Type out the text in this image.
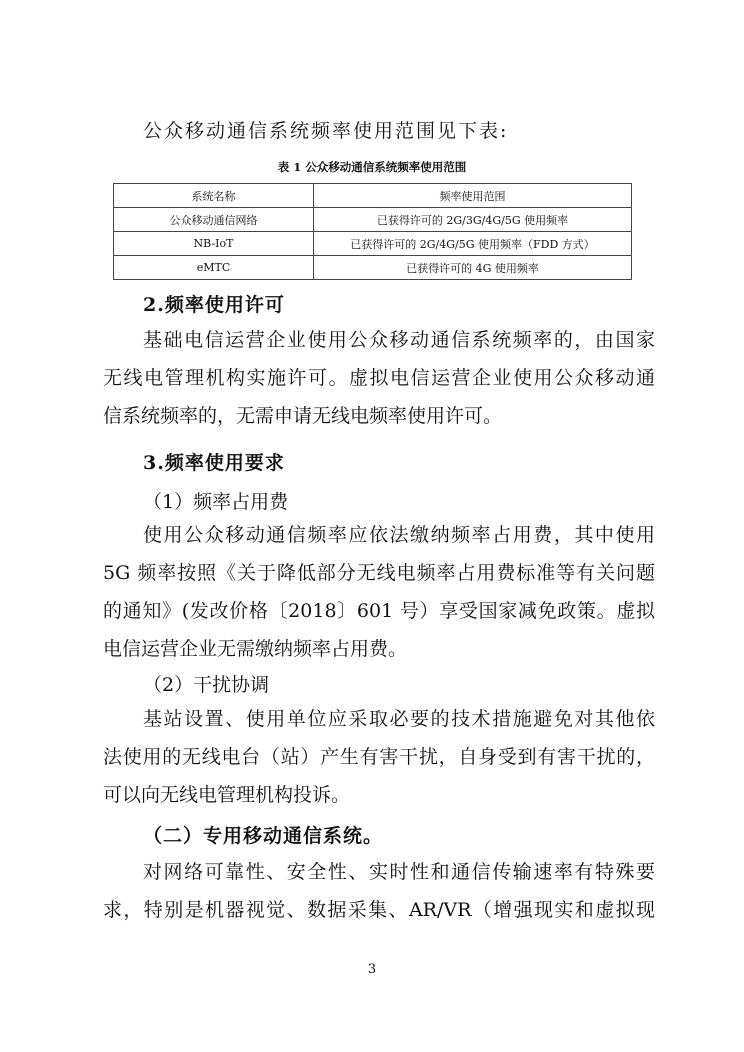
公众移动通信系统频率使用范围见下表:

表 1 公众移动通信系统频率使用范围

系统名称	频率使用范围
公众移动通信网络	已获得许可的 2G/3G/4G/5G 使用频率
NB-IoT	已获得许可的 2G/4G/5G 使用频率（FDD 方式）
eMTC	已获得许可的 4G 使用频率

2.频率使用许可

基础电信运营企业使用公众移动通信系统频率的，由国家
无线电管理机构实施许可。虚拟电信运营企业使用公众移动通
信系统频率的，无需申请无线电频率使用许可。

3.频率使用要求

（1）频率占用费

使用公众移动通信频率应依法缴纳频率占用费，其中使用
5G 频率按照《关于降低部分无线电频率占用费标准等有关问题
的通知》(发改价格〔2018〕601 号）享受国家减免政策。虚拟
电信运营企业无需缴纳频率占用费。

（2）干扰协调

基站设置、使用单位应采取必要的技术措施避免对其他依
法使用的无线电台（站）产生有害干扰，自身受到有害干扰的，
可以向无线电管理机构投诉。

（二）专用移动通信系统。

对网络可靠性、安全性、实时性和通信传输速率有特殊要
求，特别是机器视觉、数据采集、AR/VR（增强现实和虚拟现

3
